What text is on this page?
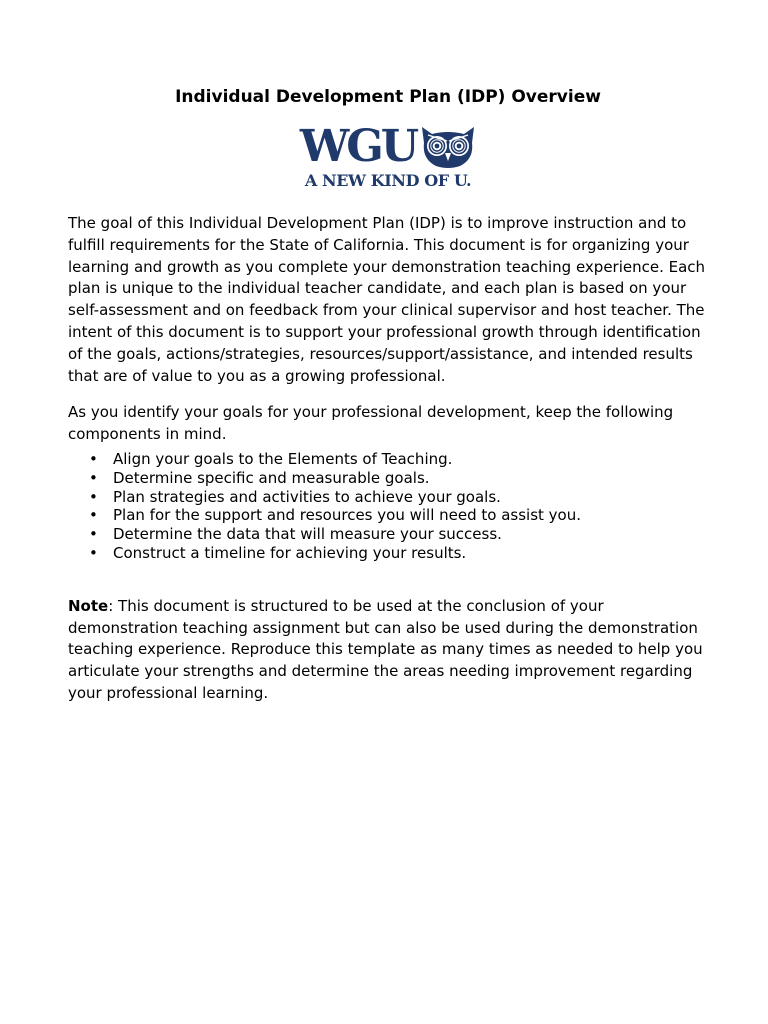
Individual Development Plan (IDP) Overview
WGU
A NEW KIND OF U.

The goal of this Individual Development Plan (IDP) is to improve instruction and to fulfill requirements for the State of California. This document is for organizing your learning and growth as you complete your demonstration teaching experience. Each plan is unique to the individual teacher candidate, and each plan is based on your self-assessment and on feedback from your clinical supervisor and host teacher. The intent of this document is to support your professional growth through identification of the goals, actions/strategies, resources/support/assistance, and intended results that are of value to you as a growing professional.

As you identify your goals for your professional development, keep the following components in mind.

• Align your goals to the Elements of Teaching.
• Determine specific and measurable goals.
• Plan strategies and activities to achieve your goals.
• Plan for the support and resources you will need to assist you.
• Determine the data that will measure your success.
• Construct a timeline for achieving your results.

Note: This document is structured to be used at the conclusion of your demonstration teaching assignment but can also be used during the demonstration teaching experience. Reproduce this template as many times as needed to help you articulate your strengths and determine the areas needing improvement regarding your professional learning.
